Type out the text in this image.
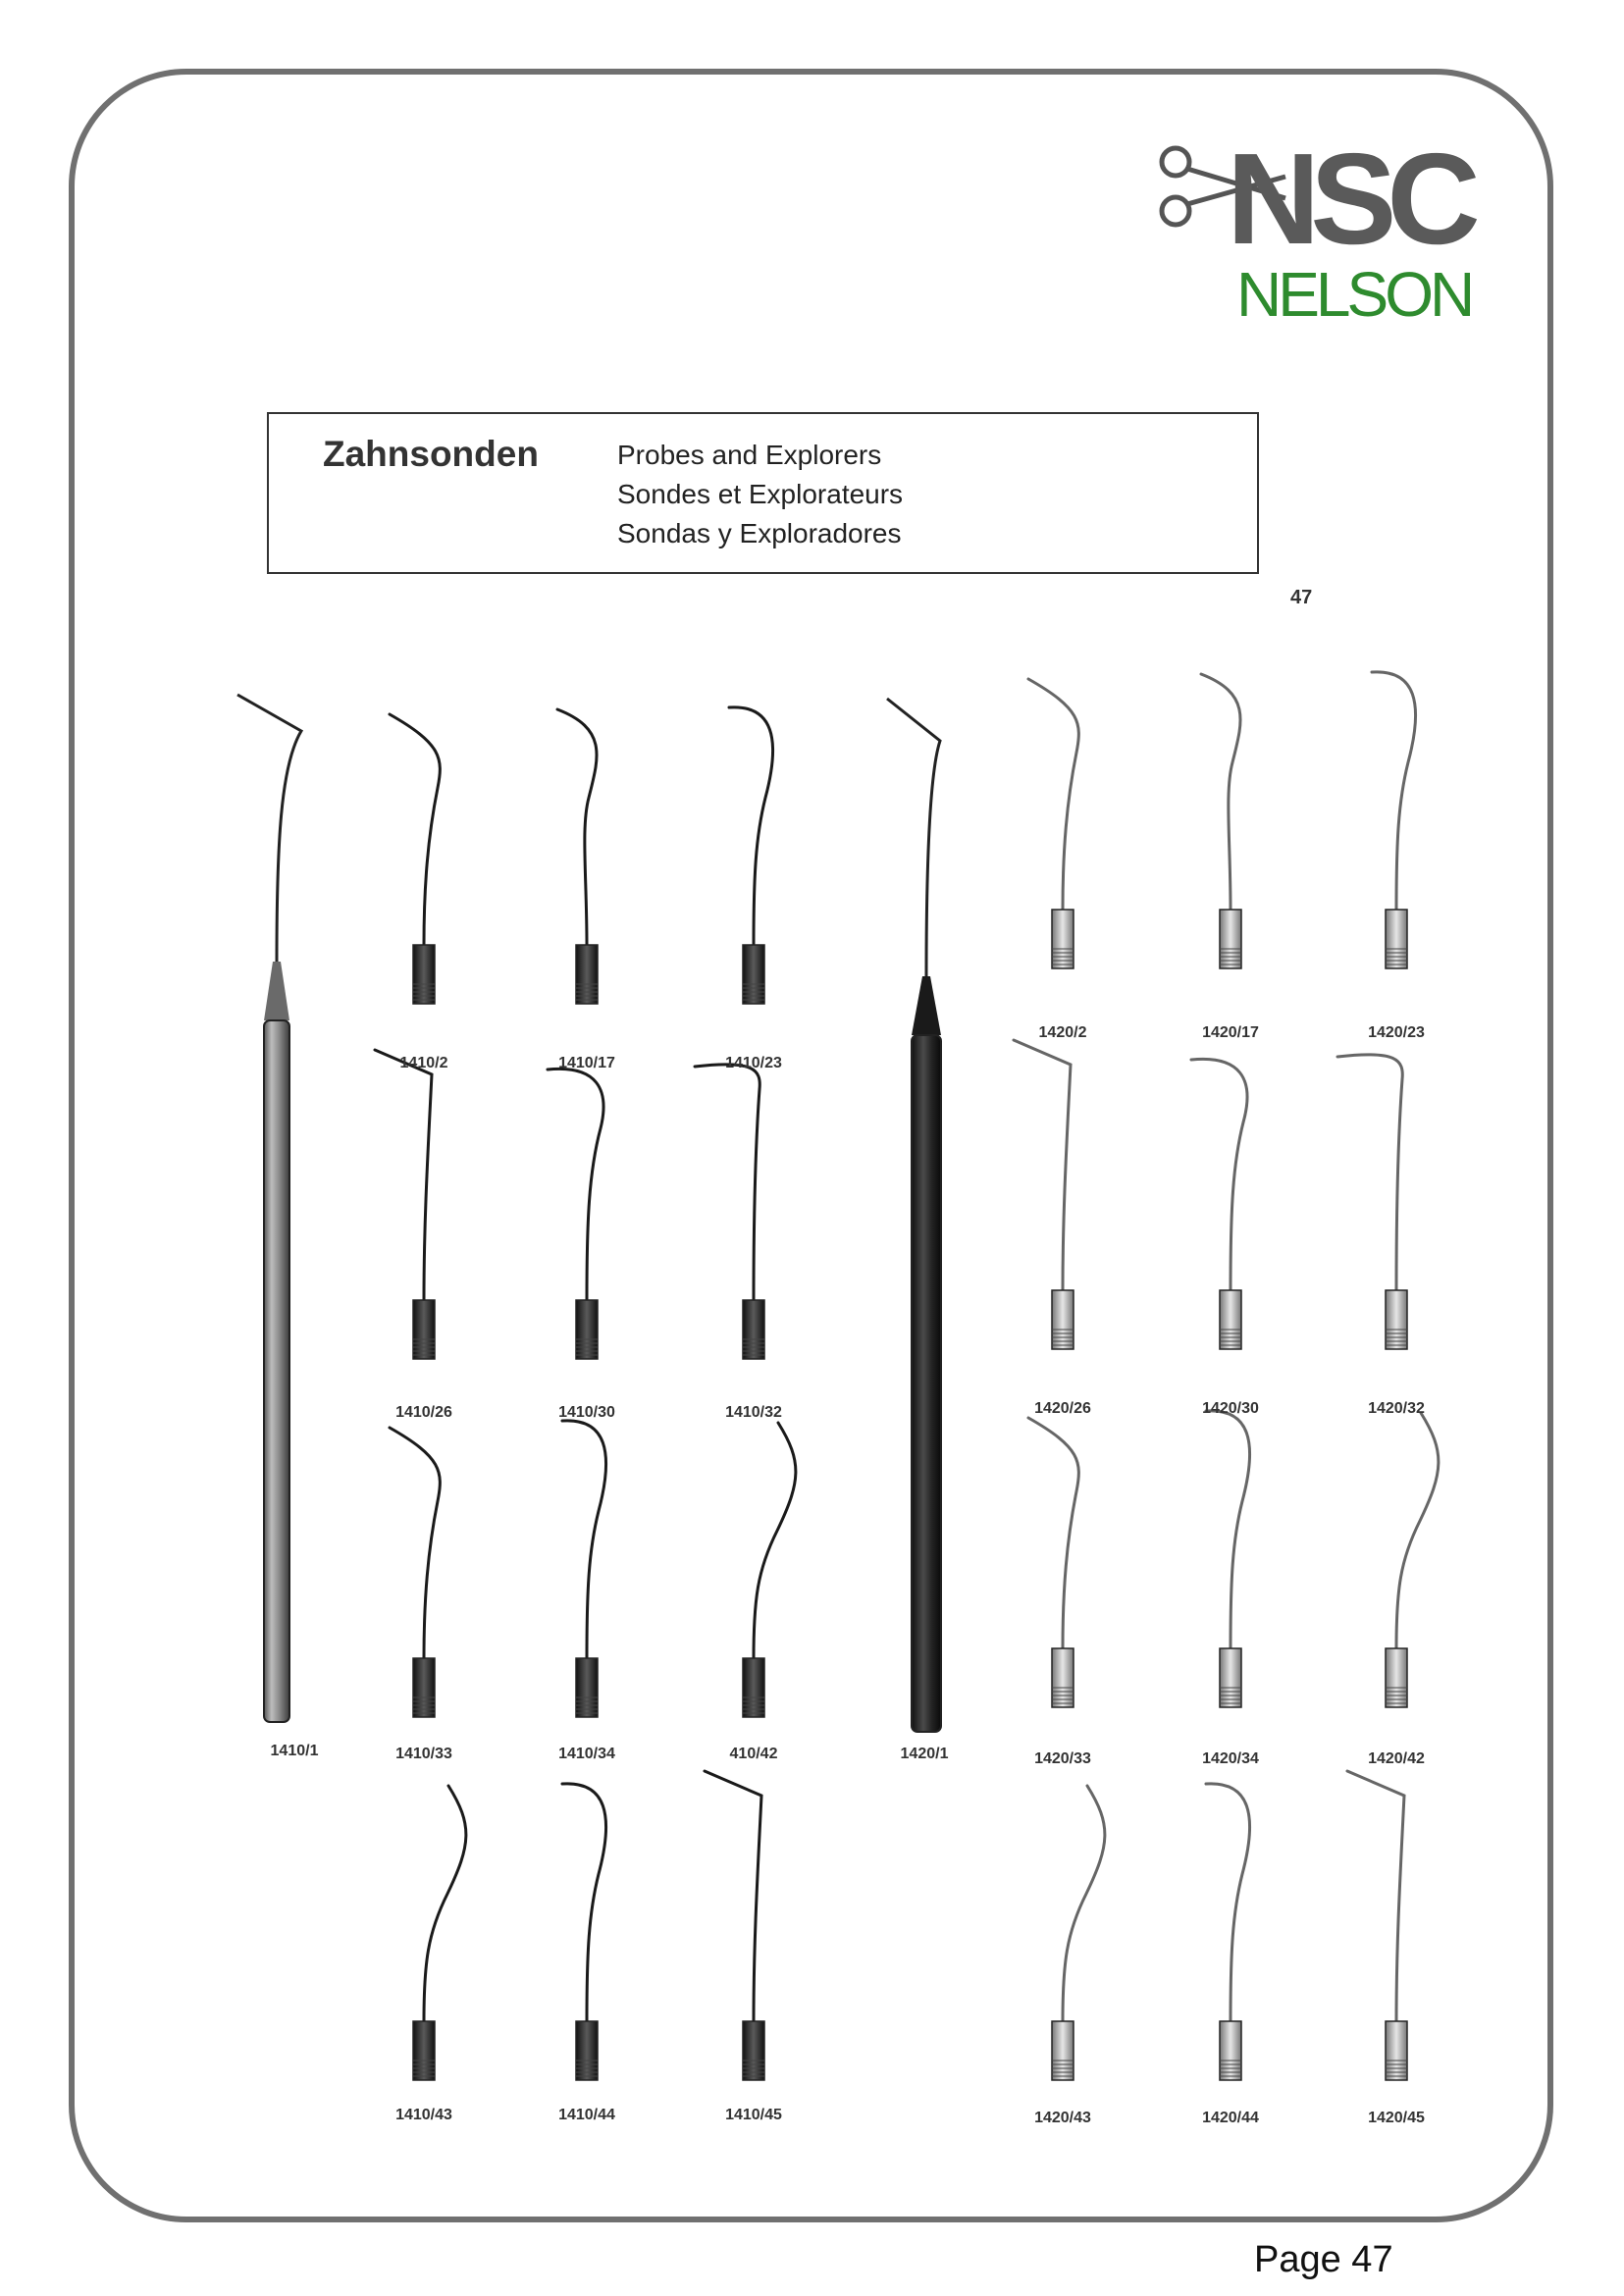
NSC
NELSON
Zahnsonden	Probes and Explorers
Sondes et Explorateurs
Sondas y Exploradores
47
1410/1	1420/1
1410/2	1410/17	1410/23
1410/26	1410/30	1410/32
1410/33	1410/34	410/42
1410/43	1410/44	1410/45
1420/2	1420/17	1420/23
1420/26	1420/30	1420/32
1420/33	1420/34	1420/42
1420/43	1420/44	1420/45
Page 47
